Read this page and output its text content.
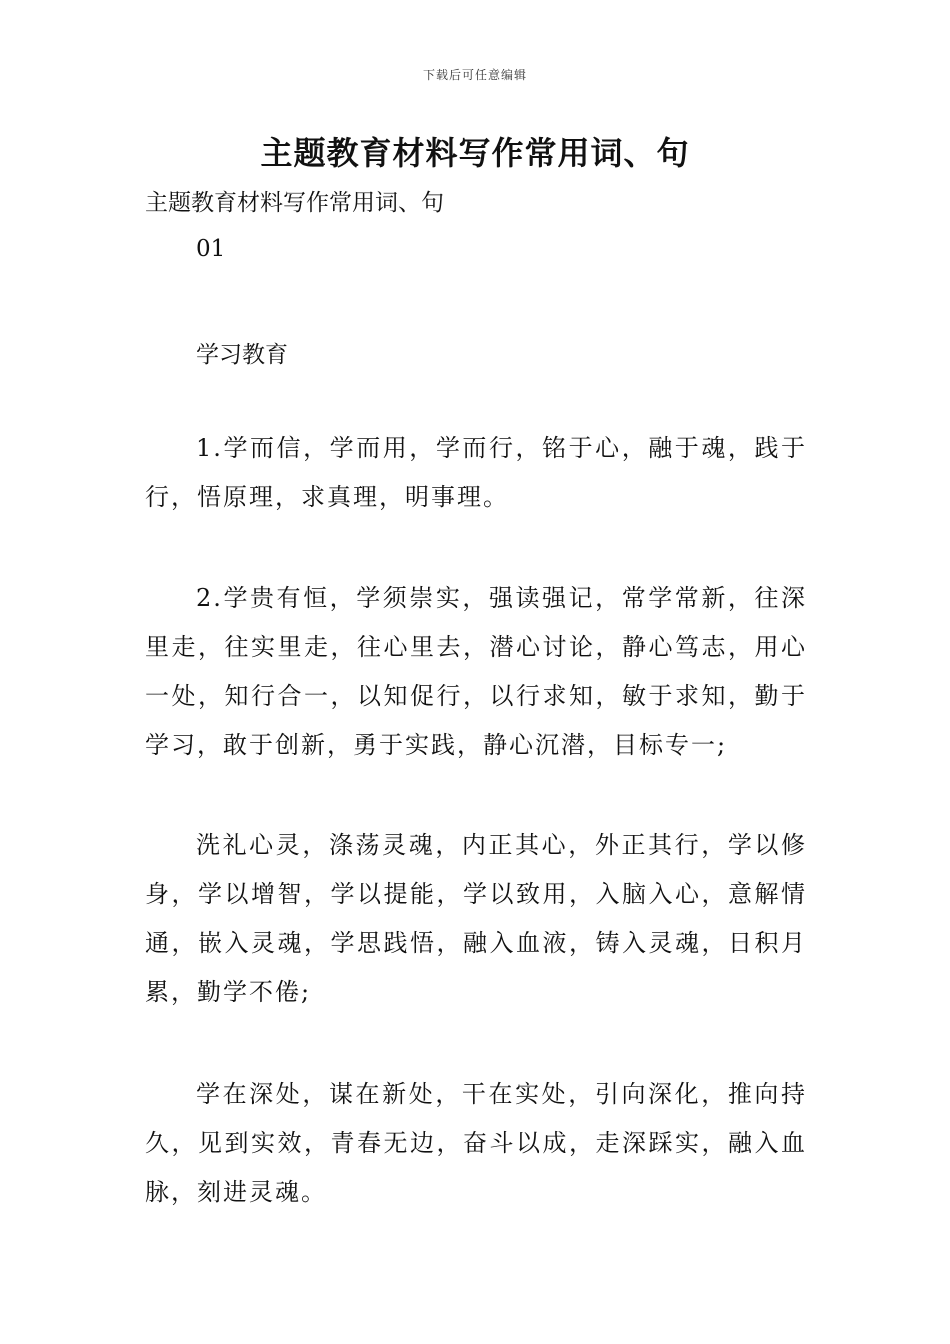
下载后可任意编辑
主题教育材料写作常用词、句

主题教育材料写作常用词、句

01
学习教育

1.学而信，学而用，学而行，铭于心，融于魂，践于行，悟原理，求真理，明事理。

2.学贵有恒，学须崇实，强读强记，常学常新，往深里走，往实里走，往心里去，潜心讨论，静心笃志，用心一处，知行合一，以知促行，以行求知，敏于求知，勤于学习，敢于创新，勇于实践，静心沉潜，目标专一;

洗礼心灵，涤荡灵魂，内正其心，外正其行，学以修身，学以增智，学以提能，学以致用，入脑入心，意解情通，嵌入灵魂，学思践悟，融入血液，铸入灵魂，日积月累，勤学不倦;

学在深处，谋在新处，干在实处，引向深化，推向持久，见到实效，青春无边，奋斗以成，走深踩实，融入血脉，刻进灵魂。
